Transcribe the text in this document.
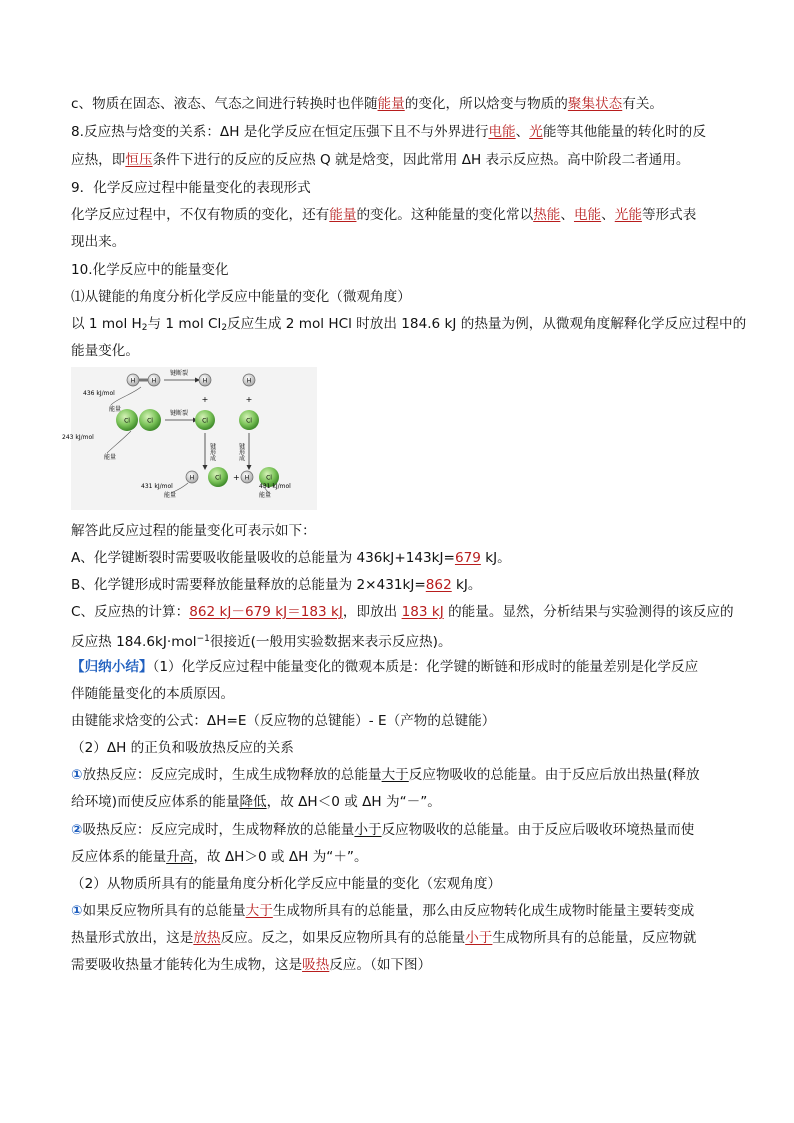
c、物质在固态、液态、气态之间进行转换时也伴随能量的变化，所以焓变与物质的聚集状态有关。
8.反应热与焓变的关系：ΔH 是化学反应在恒定压强下且不与外界进行电能、光能等其他能量的转化时的反
应热，即恒压条件下进行的反应的反应热 Q 就是焓变，因此常用 ΔH 表示反应热。高中阶段二者通用。
9．化学反应过程中能量变化的表现形式
化学反应过程中，不仅有物质的变化，还有能量的变化。这种能量的变化常以热能、电能、光能等形式表
现出来。
10.化学反应中的能量变化
⑴从键能的角度分析化学反应中能量的变化（微观角度）
以 1 mol $H_2$与 1 mol $Cl_2$反应生成 2 mol HCl 时放出 184.6 kJ 的热量为例，从微观角度解释化学反应过程中的
能量变化。
H	H
键断裂
H	H
436 kJ/mol
能量
+	+
Cl	Cl
键断裂
Cl	Cl
243 kJ/mol
能量	键形成	键形成
H	Cl + H	Cl
431 kJ/mol
能量
431 kJ/mol
能量
解答此反应过程的能量变化可表示如下：
A、化学键断裂时需要吸收能量吸收的总能量为 436kJ+143kJ=679 kJ。
B、化学键形成时需要释放能量释放的总能量为 2×431kJ=862 kJ。
C、反应热的计算：862 kJ－679 kJ＝183 kJ，即放出 183 kJ 的能量。显然，分析结果与实验测得的该反应的
反应热 184.6kJ·mol$^{-1}$很接近(一般用实验数据来表示反应热)。
【归纳小结】（1）化学反应过程中能量变化的微观本质是：化学键的断链和形成时的能量差别是化学反应
伴随能量变化的本质原因。
由键能求焓变的公式：ΔH=E（反应物的总键能）- E（产物的总键能）
（2）ΔH 的正负和吸放热反应的关系
①放热反应：反应完成时，生成生成物释放的总能量大于反应物吸收的总能量。由于反应后放出热量(释放
给环境)而使反应体系的能量降低，故 ΔH＜0 或 ΔH 为“－”。
②吸热反应：反应完成时，生成物释放的总能量小于反应物吸收的总能量。由于反应后吸收环境热量而使
反应体系的能量升高，故 ΔH＞0 或 ΔH 为“＋”。
（2）从物质所具有的能量角度分析化学反应中能量的变化（宏观角度）
①如果反应物所具有的总能量大于生成物所具有的总能量，那么由反应物转化成生成物时能量主要转变成
热量形式放出，这是放热反应。反之，如果反应物所具有的总能量小于生成物所具有的总能量，反应物就
需要吸收热量才能转化为生成物，这是吸热反应。（如下图）
